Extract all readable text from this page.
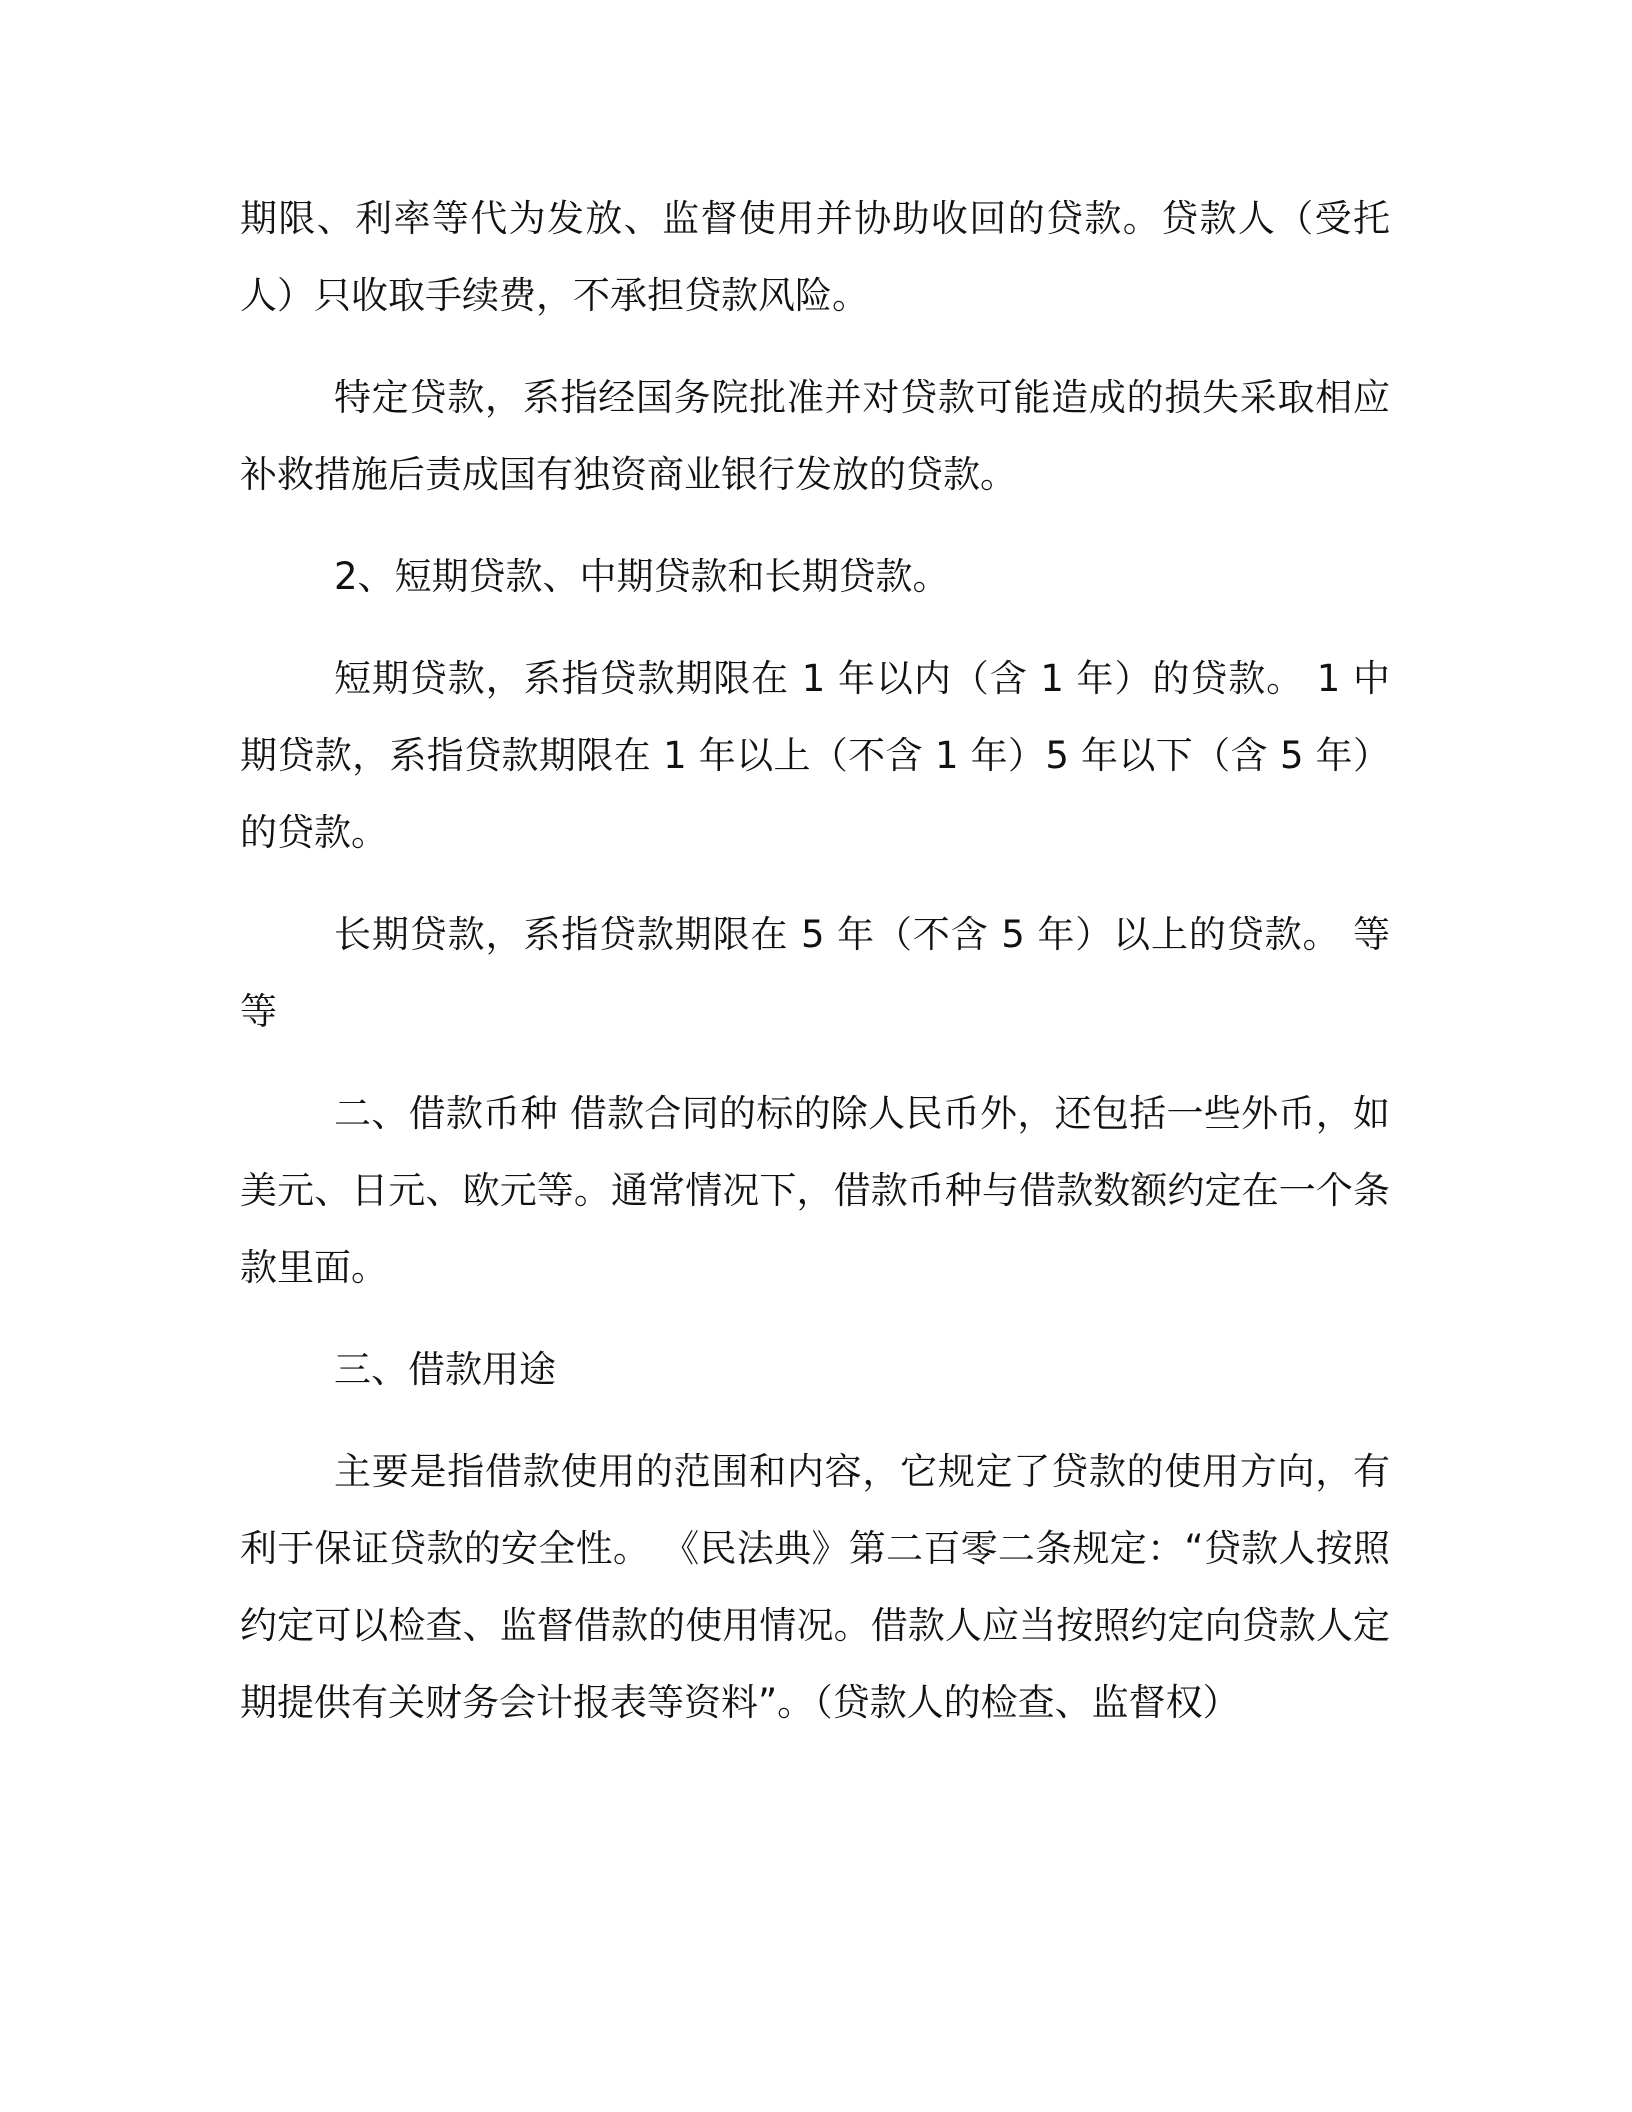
期限、利率等代为发放、监督使用并协助收回的贷款。贷款人（受托人）只收取手续费，不承担贷款风险。

特定贷款，系指经国务院批准并对贷款可能造成的损失采取相应补救措施后责成国有独资商业银行发放的贷款。

2、短期贷款、中期贷款和长期贷款。

短期贷款，系指贷款期限在 1 年以内（含 1 年）的贷款。 1 中期贷款，系指贷款期限在 1 年以上（不含 1 年）5 年以下（含 5 年）的贷款。

长期贷款，系指贷款期限在 5 年（不含 5 年）以上的贷款。 等等

二、借款币种 借款合同的标的除人民币外，还包括一些外币，如美元、日元、欧元等。通常情况下，借款币种与借款数额约定在一个条款里面。

三、借款用途

主要是指借款使用的范围和内容，它规定了贷款的使用方向，有利于保证贷款的安全性。 《民法典》第二百零二条规定：“贷款人按照约定可以检查、监督借款的使用情况。借款人应当按照约定向贷款人定期提供有关财务会计报表等资料”。（贷款人的检查、监督权）
